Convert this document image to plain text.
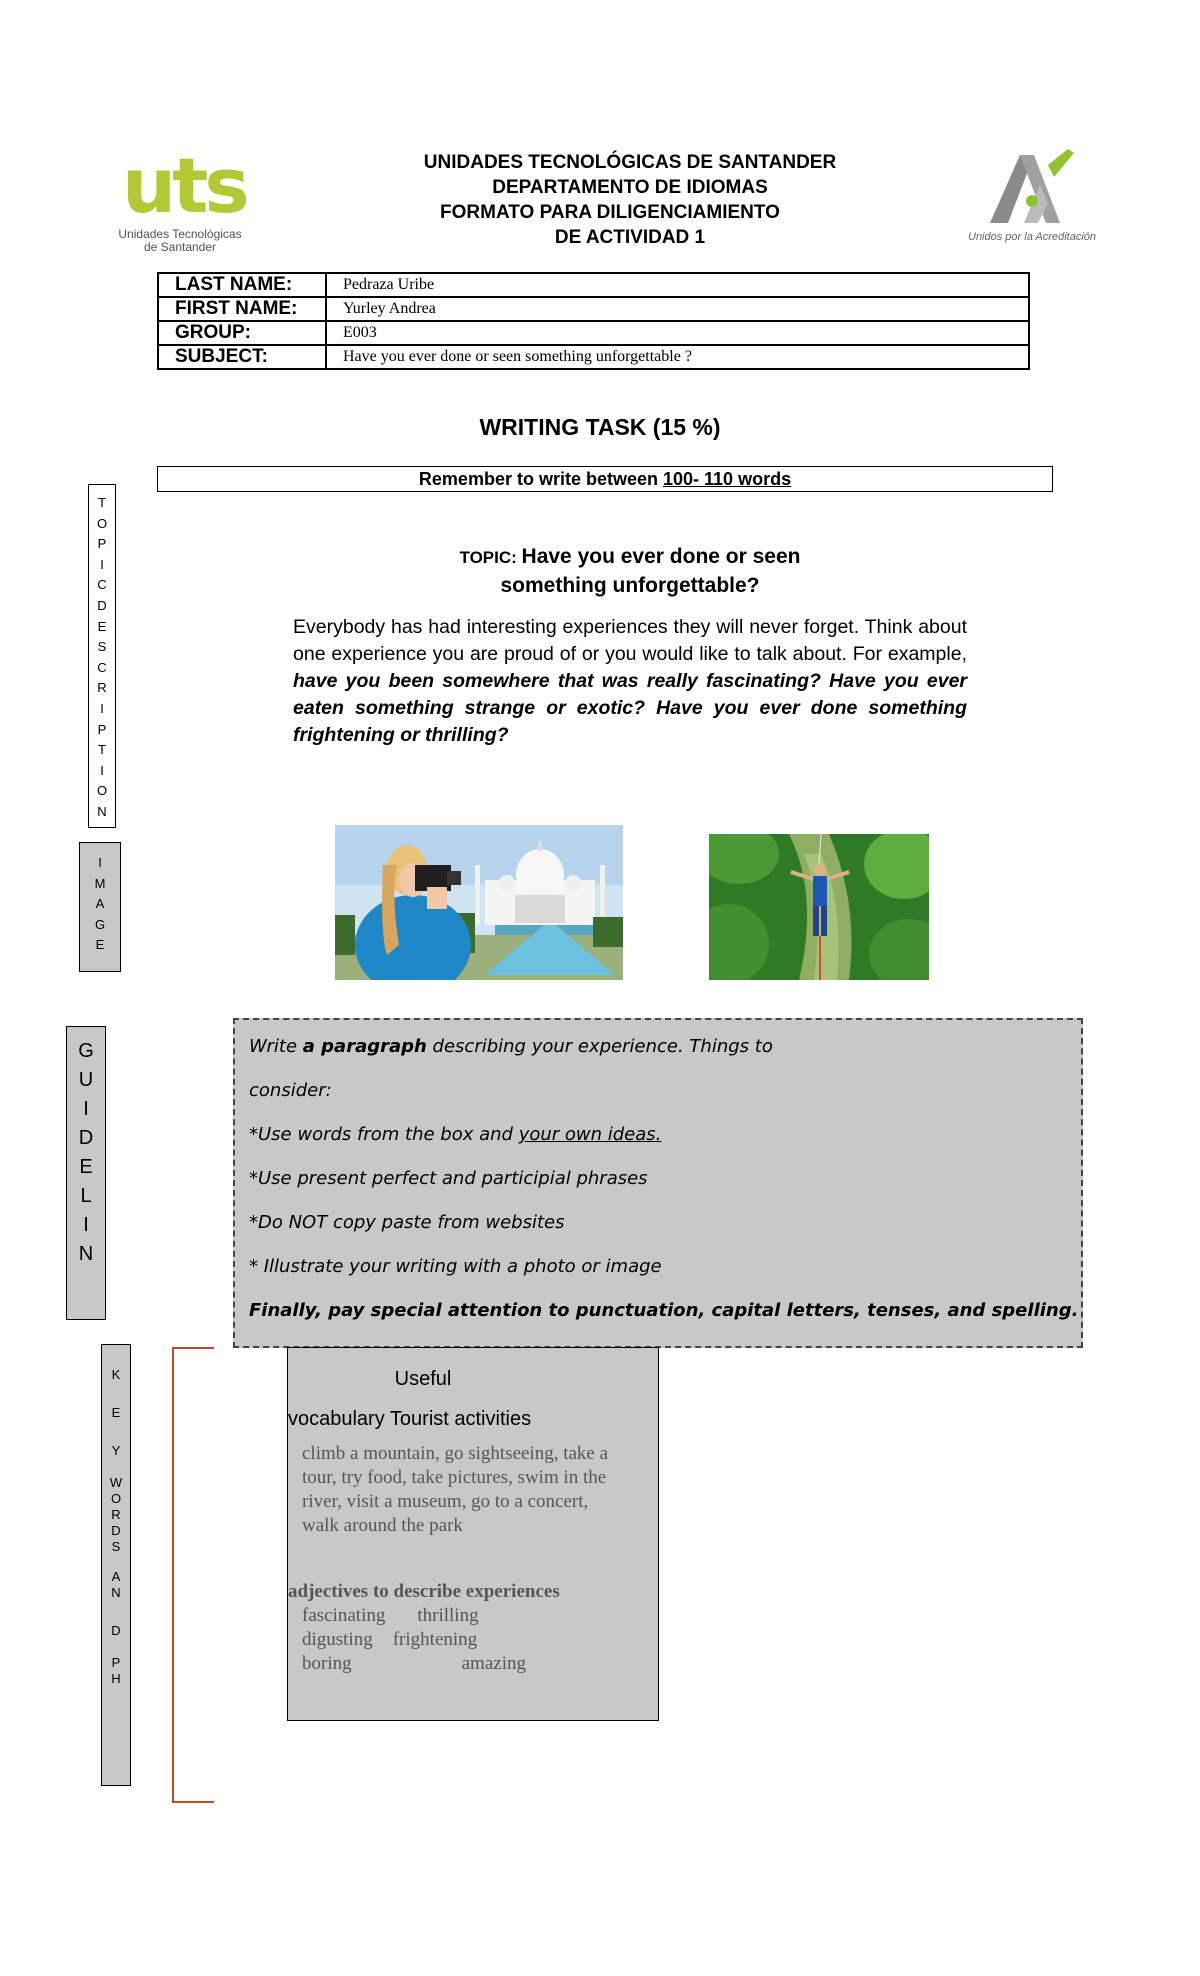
uts
Unidades Tecnológicas
de Santander
Unidos por la Acreditación
UNIDADES TECNOLÓGICAS DE SANTANDER
DEPARTAMENTO DE IDIOMAS
FORMATO PARA DILIGENCIAMIENTO
DE ACTIVIDAD 1
LAST NAME:	Pedraza Uribe
FIRST NAME:	Yurley Andrea
GROUP:	E003
SUBJECT:	Have you ever done or seen something unforgettable ?
WRITING TASK (15 %)
Remember to write between 100- 110 words
T
O
P
I
C
D
E
S
C
R
I
P
T
I
O
N
TOPIC: Have you ever done or seen
something unforgettable?
Everybody has had interesting experiences they will never forget. Think about one experience you are proud of or you would like to talk about. For example, have you been somewhere that was really fascinating? Have you ever eaten something strange or exotic? Have you ever done something frightening or thrilling?
I
M
A
G
E
G
U
I
D
E
L
I
N
Write a paragraph describing your experience. Things to
consider:
*Use words from the box and your own ideas.
*Use present perfect and participial phrases
*Do NOT copy paste from websites
* Illustrate your writing with a photo or image
Finally, pay special attention to punctuation, capital letters, tenses, and spelling.
K
E
Y
W
O
R
D
S
A
N
D
P
H
Useful
vocabulary Tourist activities
climb a mountain, go sightseeing, take a
tour, try food, take pictures, swim in the
river, visit a museum, go to a concert,
walk around the park
adjectives to describe experiences
fascinating thrilling
digusting frightening
boring	amazing
